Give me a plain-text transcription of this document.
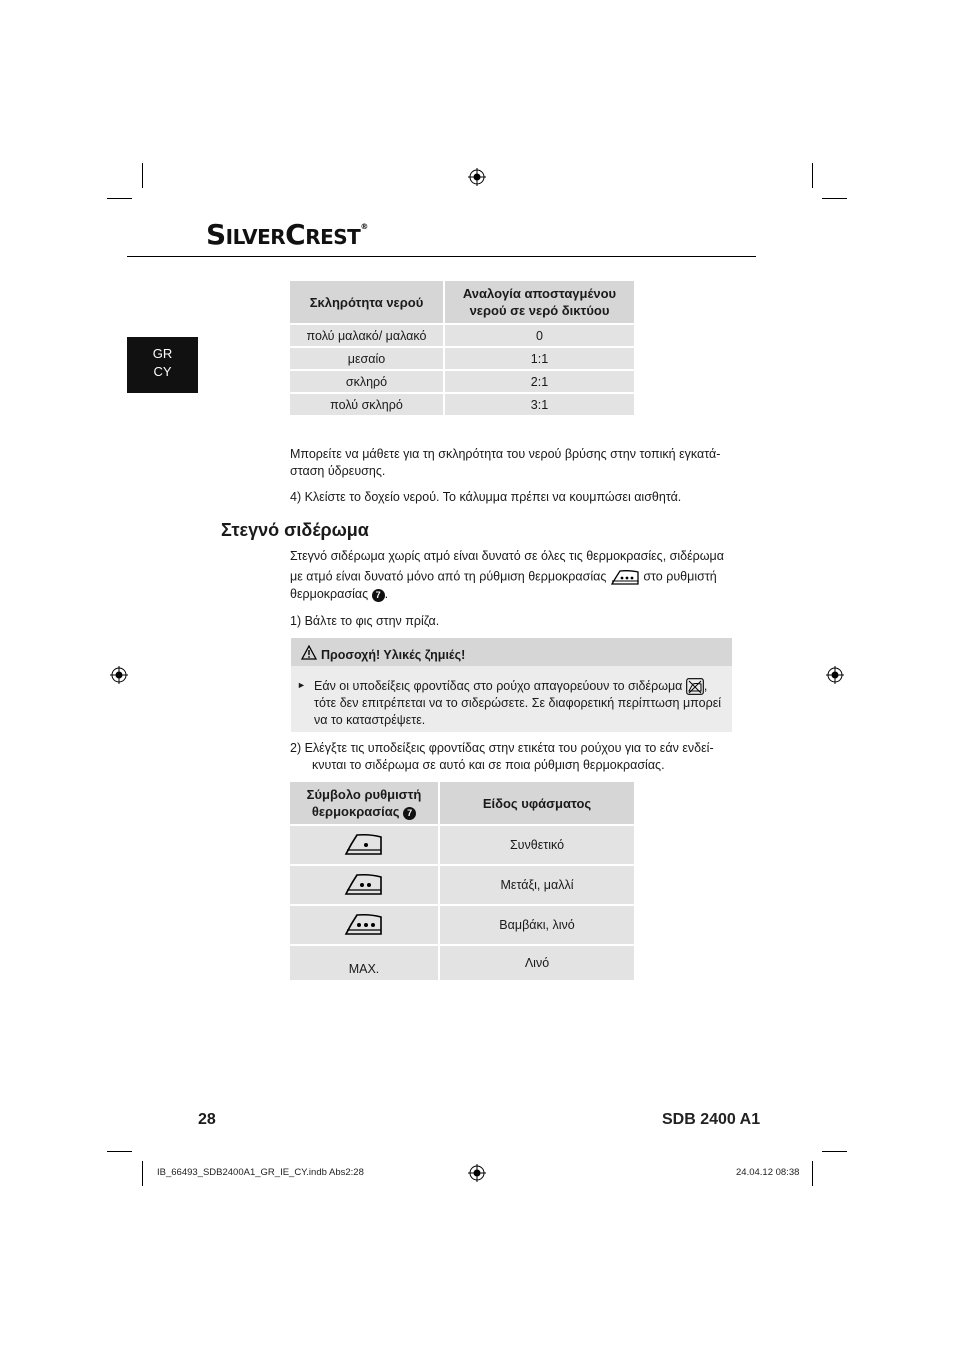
SILVERCREST®
GR
CY
Σκληρότητα νερού	Αναλογία αποσταγμένου νερού σε νερό δικτύου
πολύ μαλακό/ μαλακό	0
μεσαίο	1:1
σκληρό	2:1
πολύ σκληρό	3:1
Μπορείτε να μάθετε για τη σκληρότητα του νερού βρύσης στην τοπική εγκατά-
σταση ύδρευσης.
4) Κλείστε το δοχείο νερού. Το κάλυμμα πρέπει να κουμπώσει αισθητά.
Στεγνό σιδέρωμα
Στεγνό σιδέρωμα χωρίς ατμό είναι δυνατό σε όλες τις θερμοκρασίες, σιδέρωμα
με ατμό είναι δυνατό μόνο από τη ρύθμιση θερμοκρασίας	στο ρυθμιστή
θερμοκρασίας 7 .
1) Βάλτε το φις στην πρίζα.
Προσοχή! Υλικές ζημιές!
► Εάν οι υποδείξεις φροντίδας στο ρούχο απαγορεύουν το σιδέρωμα ,
τότε δεν επιτρέπεται να το σιδερώσετε. Σε διαφορετική περίπτωση μπορεί
να το καταστρέψετε.
2) Ελέγξτε τις υποδείξεις φροντίδας στην ετικέτα του ρούχου για το εάν ενδεί-
κνυται το σιδέρωμα σε αυτό και σε ποια ρύθμιση θερμοκρασίας.
Σύμβολο ρυθμιστή
θερμοκρασίας 7	Είδος υφάσματος
	Συνθετικό
	Μετάξι, μαλλί
	Βαμβάκι, λινό
MAX.	Λινό
28	SDB 2400 A1
IB_66493_SDB2400A1_GR_IE_CY.indb Abs2:28	24.04.12 08:38
